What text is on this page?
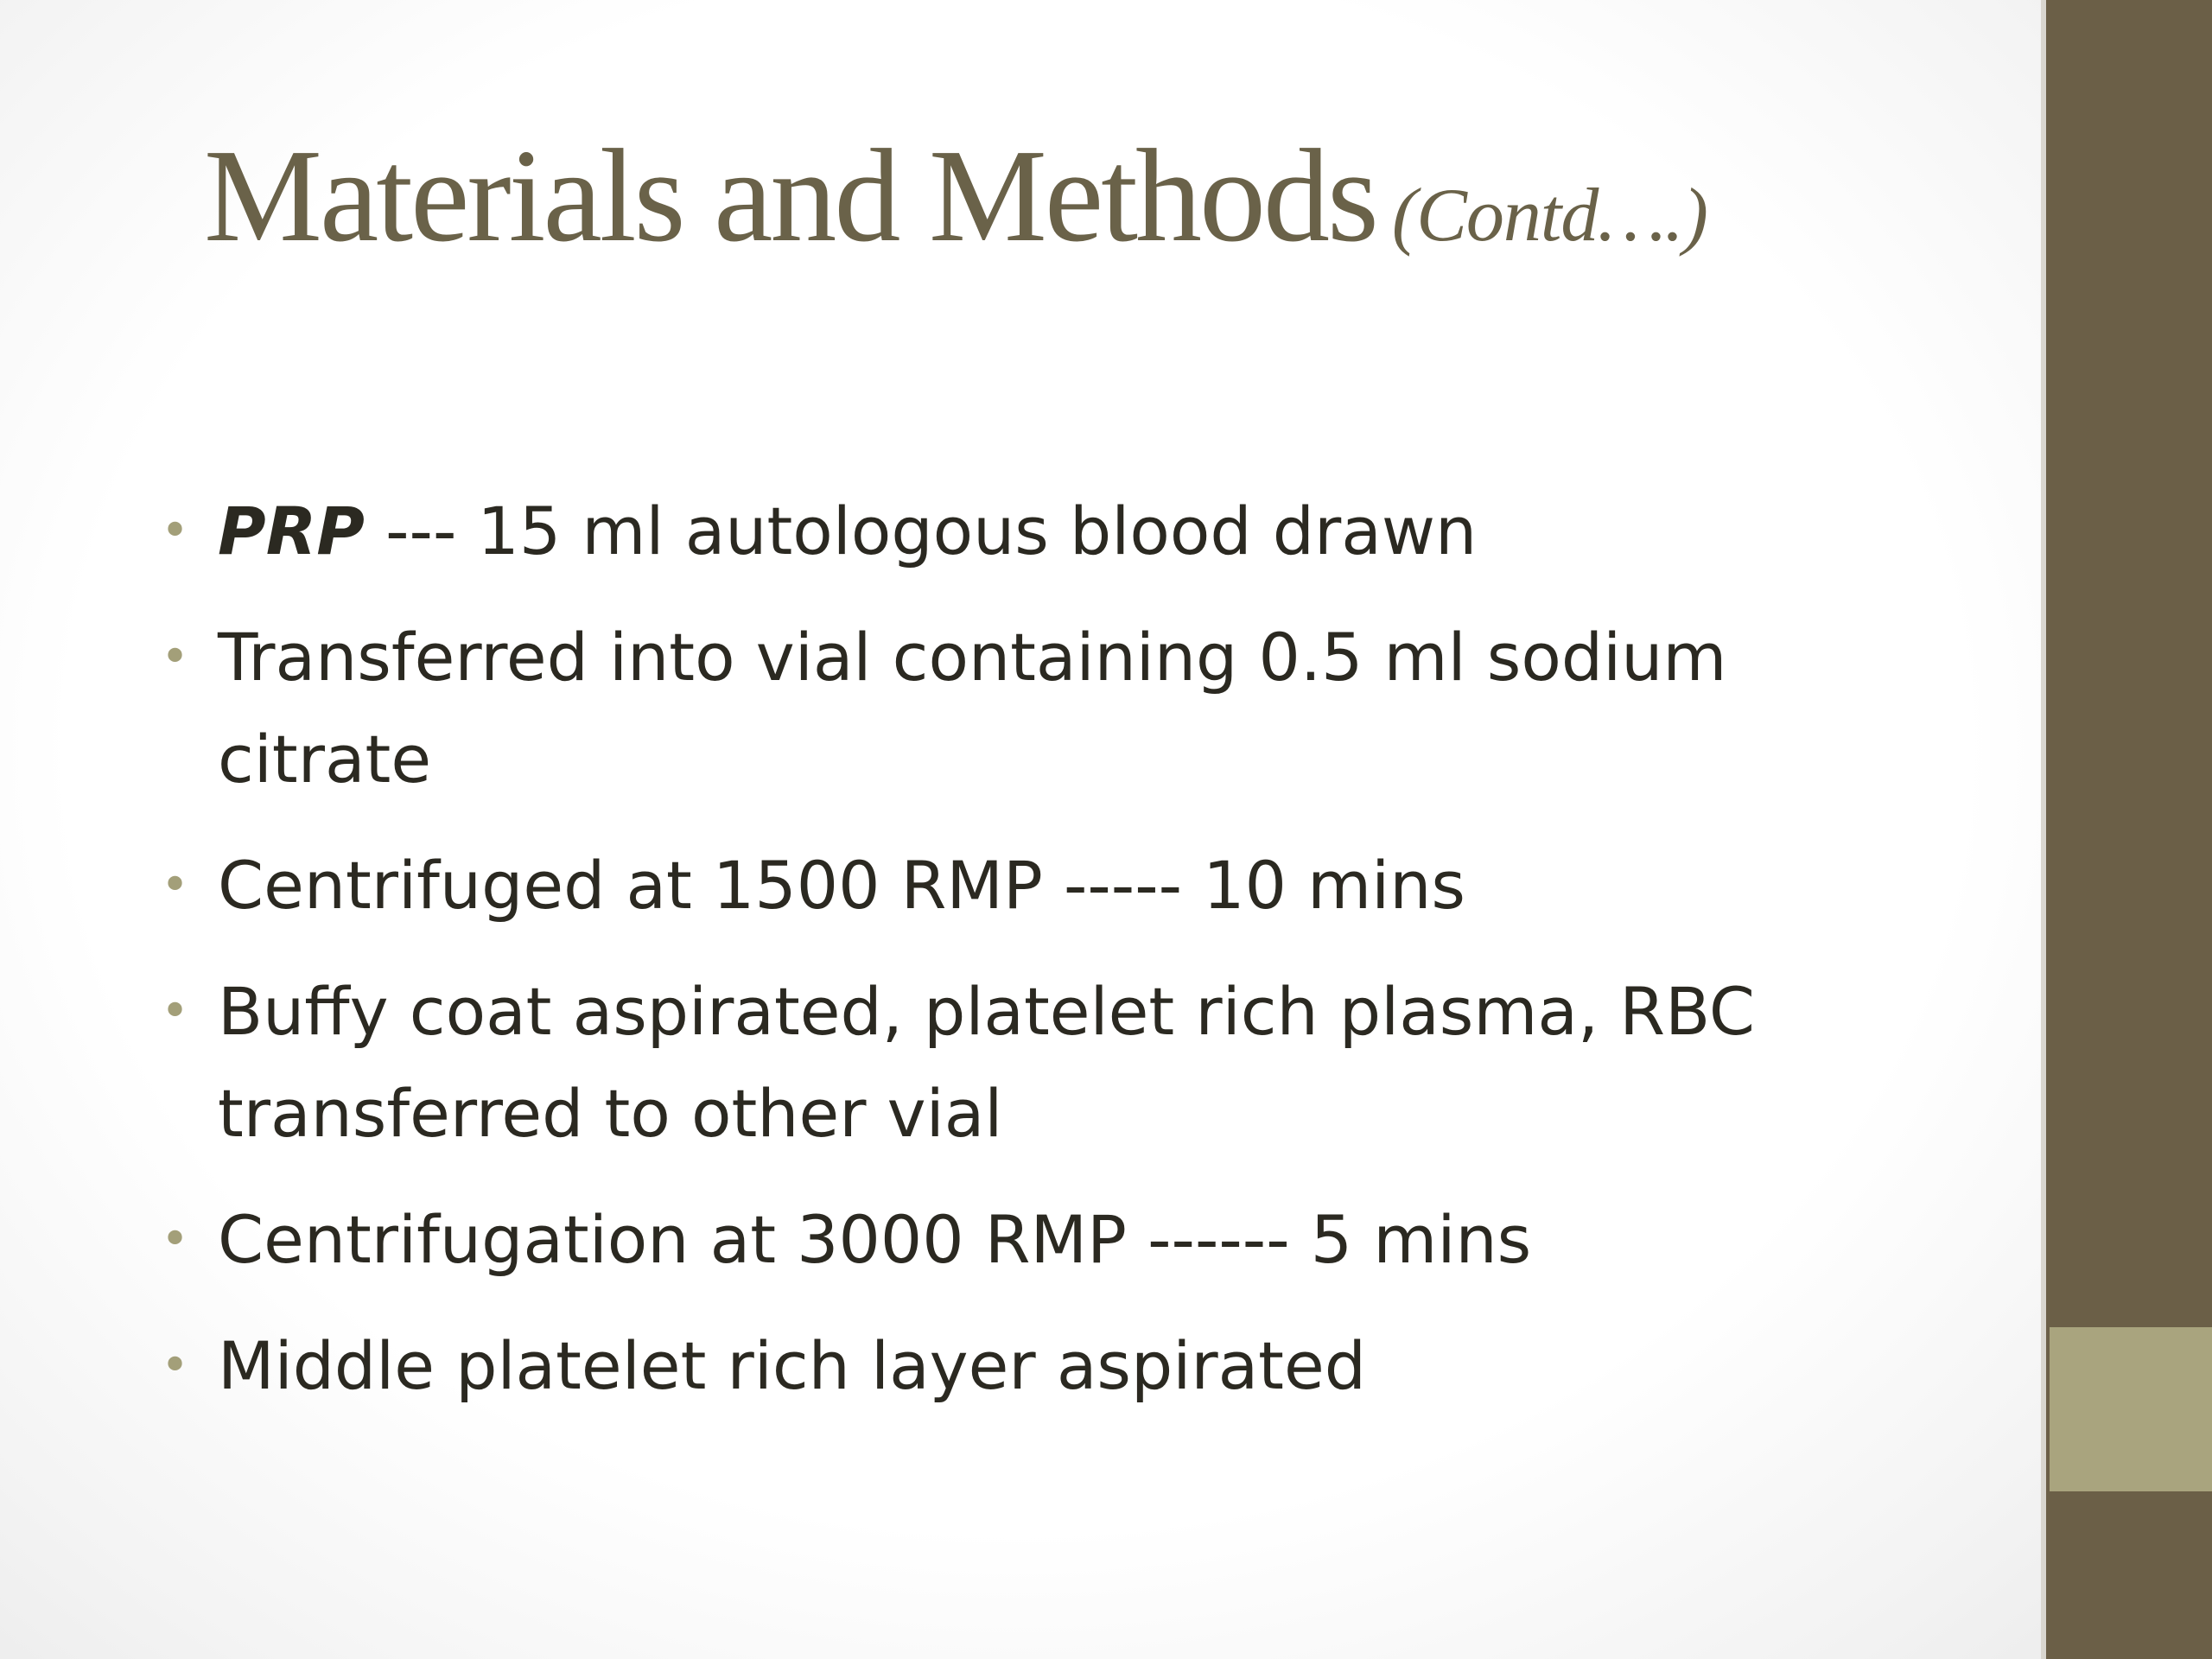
Materials and Methods (Contd….)
• PRP --- 15 ml autologous blood drawn
• Transferred into vial containing 0.5 ml sodium citrate
• Centrifuged at 1500 RMP ----- 10 mins
• Buffy coat aspirated, platelet rich plasma, RBC transferred to other vial
• Centrifugation at 3000 RMP ------ 5 mins
• Middle platelet rich layer aspirated
